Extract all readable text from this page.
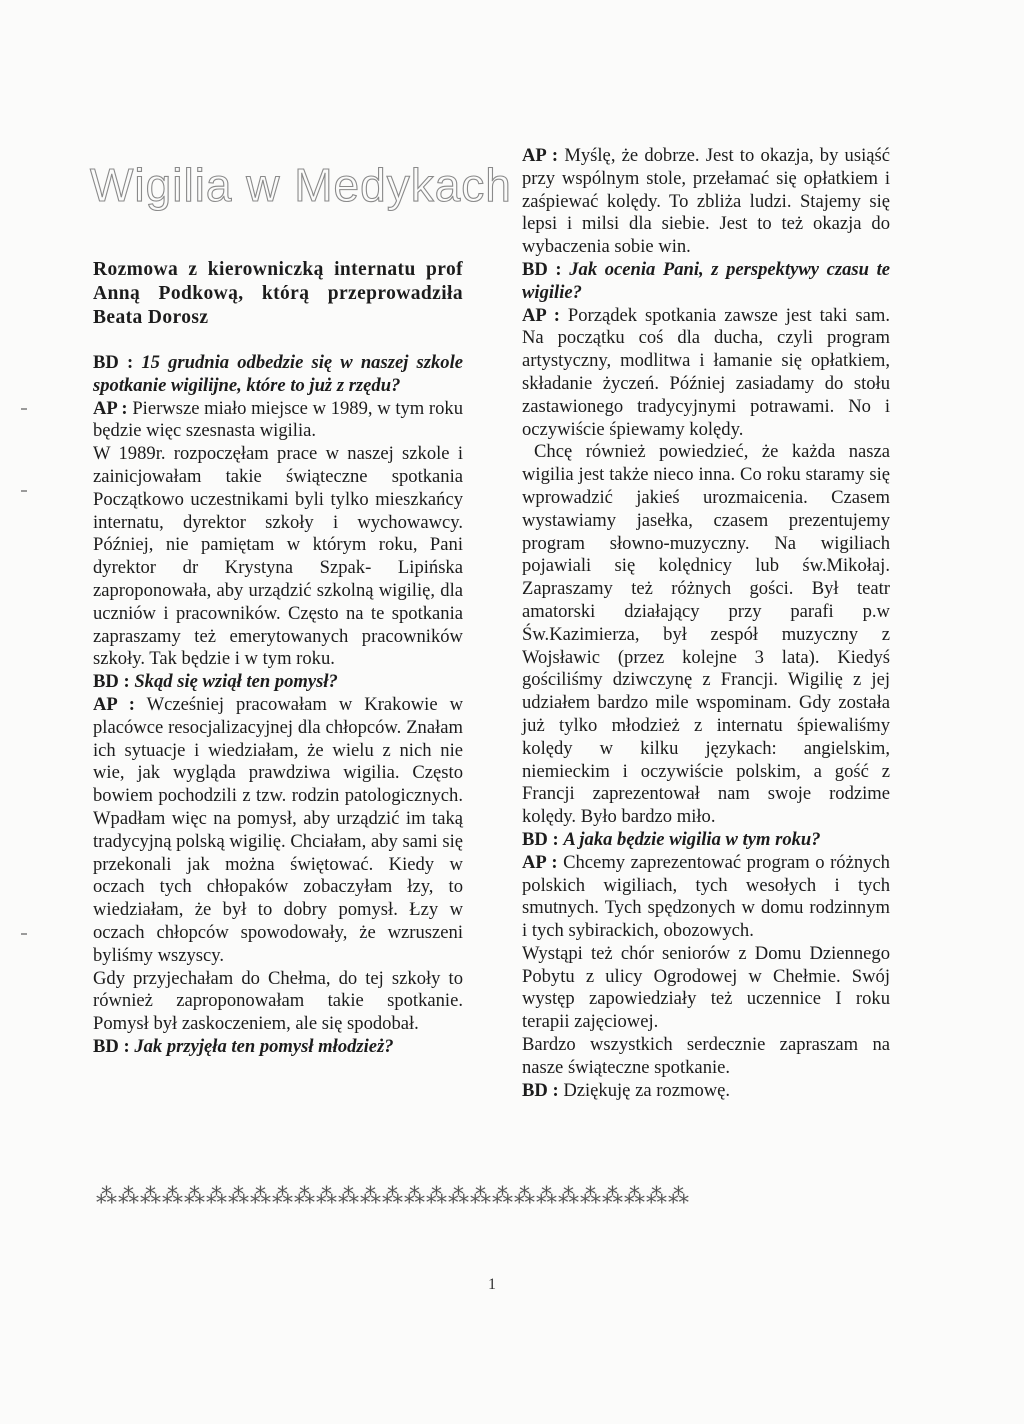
Wigilia w Medykach
Rozmowa z kierowniczką internatu prof Anną Podkową, którą przeprowadziła Beata Dorosz

BD : 15 grudnia odbedzie się w naszej szkole spotkanie wigilijne, które to już z rzędu?

AP : Pierwsze miało miejsce w 1989, w tym roku będzie więc szesnasta wigilia.

W 1989r. rozpoczęłam prace w naszej szkole i zainicjowałam takie świąteczne spotkania Początkowo uczestnikami byli tylko mieszkańcy internatu, dyrektor szkoły i wychowawcy. Później, nie pamiętam w którym roku, Pani dyrektor dr Krystyna Szpak- Lipińska zaproponowała, aby urządzić szkolną wigilię, dla uczniów i pracowników. Często na te spotkania zapraszamy też emerytowanych pracowników szkoły. Tak będzie i w tym roku.

BD : Skąd się wziął ten pomysł?

AP : Wcześniej pracowałam w Krakowie w placówce resocjalizacyjnej dla chłopców. Znałam ich sytuacje i wiedziałam, że wielu z nich nie wie, jak wygląda prawdziwa wigilia. Często bowiem pochodzili z tzw. rodzin patologicznych. Wpadłam więc na pomysł, aby urządzić im taką tradycyjną polską wigilię. Chciałam, aby sami się przekonali jak można świętować. Kiedy w oczach tych chłopaków zobaczyłam łzy, to wiedziałam, że był to dobry pomysł. Łzy w oczach chłopców spowodowały, że wzruszeni byliśmy wszyscy.

Gdy przyjechałam do Chełma, do tej szkoły to również zaproponowałam takie spotkanie. Pomysł był zaskoczeniem, ale się spodobał.

BD : Jak przyjęła ten pomysł młodzież?

AP : Myślę, że dobrze. Jest to okazja, by usiąść przy wspólnym stole, przełamać się opłatkiem i zaśpiewać kolędy. To zbliża ludzi. Stajemy się lepsi i milsi dla siebie. Jest to też okazja do wybaczenia sobie win.

BD : Jak ocenia Pani, z perspektywy czasu te wigilie?

AP : Porządek spotkania zawsze jest taki sam. Na początku coś dla ducha, czyli program artystyczny, modlitwa i łamanie się opłatkiem, składanie życzeń. Później zasiadamy do stołu zastawionego tradycyjnymi potrawami. No i oczywiście śpiewamy kolędy.

Chcę również powiedzieć, że każda nasza wigilia jest także nieco inna. Co roku staramy się wprowadzić jakieś urozmaicenia. Czasem wystawiamy jasełka, czasem prezentujemy program słowno-muzyczny. Na wigiliach pojawiali się kolędnicy lub św.Mikołaj. Zapraszamy też różnych gości. Był teatr amatorski działający przy parafi p.w Św.Kazimierza, był zespół muzyczny z Wojsławic (przez kolejne 3 lata). Kiedyś gościliśmy dziwczynę z Francji. Wigilię z jej udziałem bardzo mile wspominam. Gdy została już tylko młodzież z internatu śpiewaliśmy kolędy w kilku językach: angielskim, niemieckim i oczywiście polskim, a gość z Francji zaprezentował nam swoje rodzime kolędy. Było bardzo miło.

BD : A jaka będzie wigilia w tym roku?

AP : Chcemy zaprezentować program o różnych polskich wigiliach, tych wesołych i tych smutnych. Tych spędzonych w domu rodzinnym i tych sybirackich, obozowych.

Wystąpi też chór seniorów z Domu Dziennego Pobytu z ulicy Ogrodowej w Chełmie. Swój występ zapowiedziały też uczennice I roku terapii zajęciowej.

Bardzo wszystkich serdecznie zapraszam na nasze świąteczne spotkanie.

BD : Dziękuję za rozmowę.

⁂⁂⁂⁂⁂⁂⁂⁂⁂⁂⁂⁂⁂⁂⁂⁂⁂⁂⁂⁂⁂⁂⁂⁂⁂⁂⁂
1
